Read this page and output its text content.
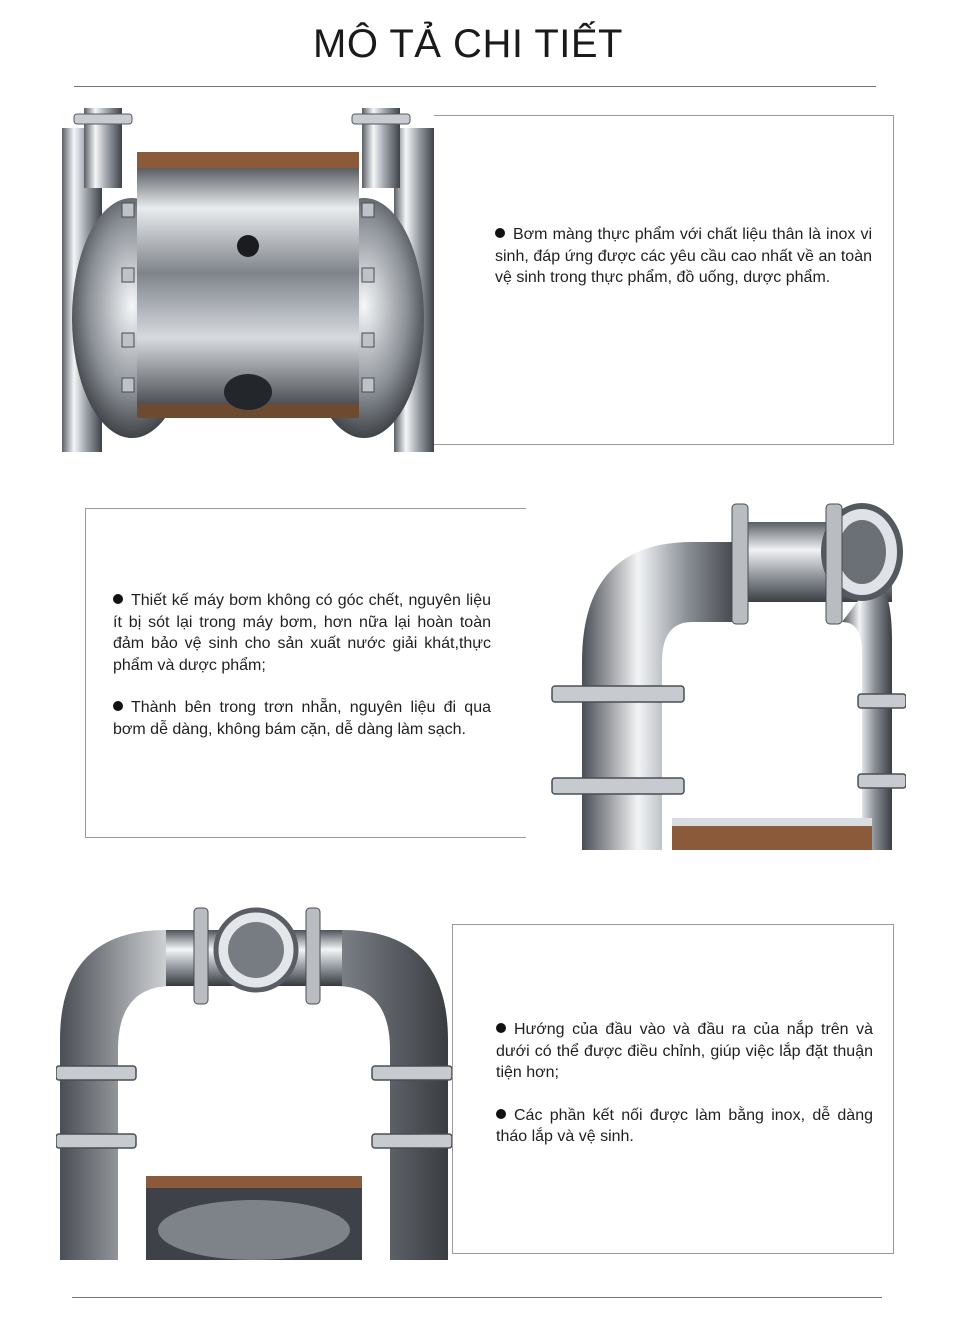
MÔ TẢ CHI TIẾT

Bơm màng thực phẩm với chất liệu thân là inox vi sinh, đáp ứng được các yêu cầu cao nhất về an toàn vệ sinh trong thực phẩm, đồ uống, dược phẩm.

Thiết kế máy bơm không có góc chết, nguyên liệu ít bị sót lại trong máy bơm, hơn nữa lại hoàn toàn đảm bảo vệ sinh cho sản xuất nước giải khát,thực phẩm và dược phẩm;

Thành bên trong trơn nhẵn, nguyên liệu đi qua bơm dễ dàng, không bám cặn, dễ dàng làm sạch.

Hướng của đầu vào và đầu ra của nắp trên và dưới có thể được điều chỉnh, giúp việc lắp đặt thuận tiện hơn;

Các phần kết nối được làm bằng inox, dễ dàng tháo lắp và vệ sinh.
